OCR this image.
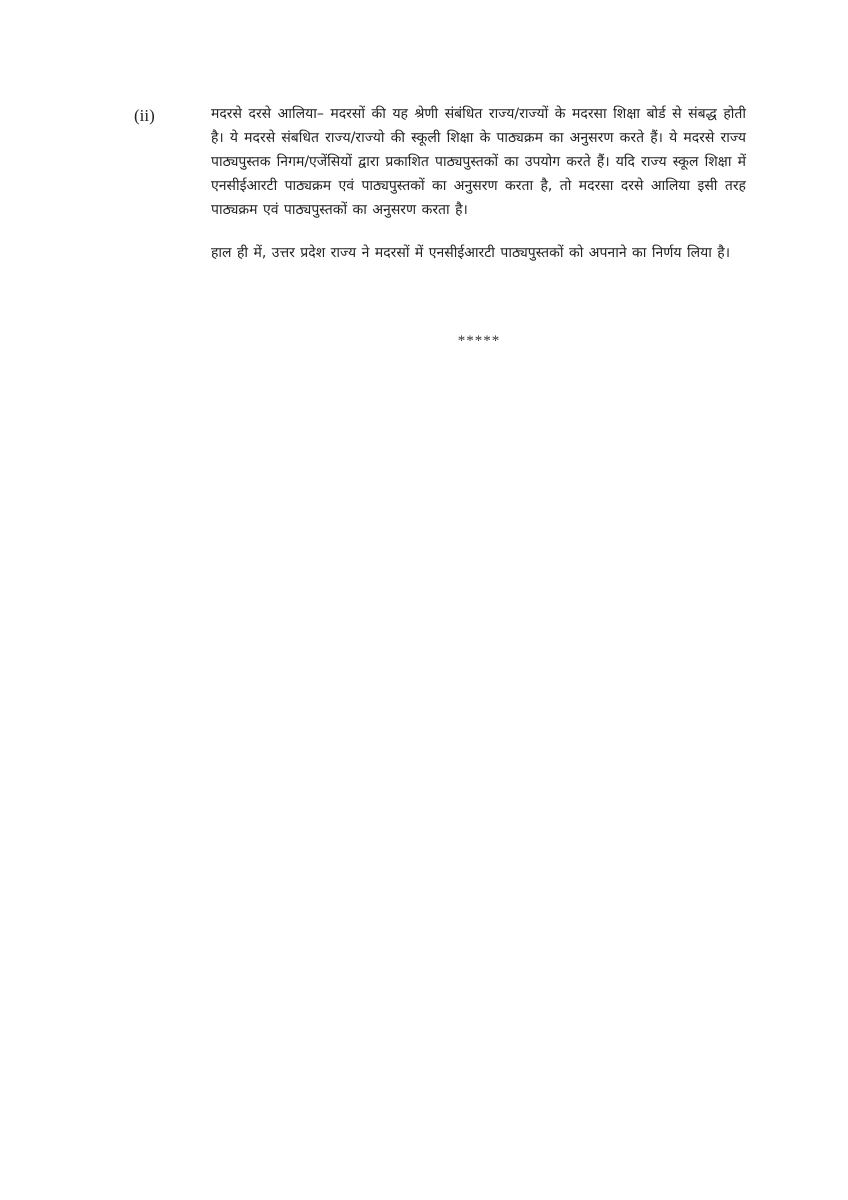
(ii)	मदरसे दरसे आलिया– मदरसों की यह श्रेणी संबंधित राज्य/राज्यों के मदरसा शिक्षा बोर्ड से संबद्ध होती है। ये मदरसे संबधित राज्य/राज्यो की स्कूली शिक्षा के पाठ्यक्रम का अनुसरण करते हैं। ये मदरसे राज्य पाठ्यपुस्तक निगम/एजेंसियों द्वारा प्रकाशित पाठ्यपुस्तकों का उपयोग करते हैं। यदि राज्य स्कूल शिक्षा में एनसीईआरटी पाठ्यक्रम एवं पाठ्यपुस्तकों का अनुसरण करता है, तो मदरसा दरसे आलिया इसी तरह पाठ्यक्रम एवं पाठ्यपुस्तकों का अनुसरण करता है।

हाल ही में, उत्तर प्रदेश राज्य ने मदरसों में एनसीईआरटी पाठ्यपुस्तकों को अपनाने का निर्णय लिया है।

*****
